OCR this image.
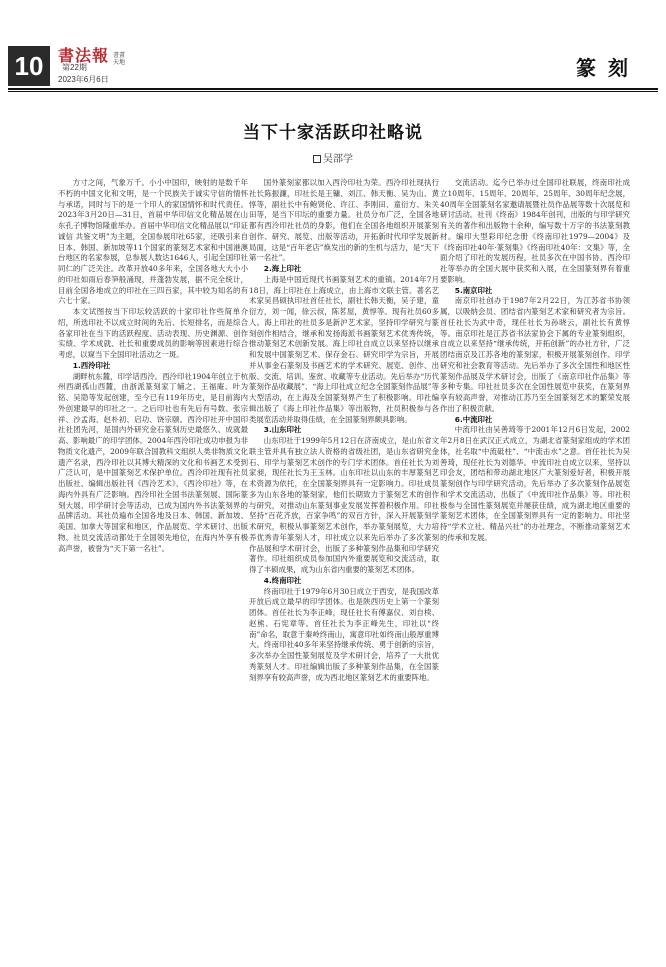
10 書法報 書畫天地
第22期
2023年6月6日	篆刻
当下十家活跃印社略说
吴部学

方寸之间，气象万千。小小中国印，映射的是数千年不朽的中国文化和文明，是一个民族关于诚实守信的情怀与承诺，同时与下的是一个印人的家国情怀和时代责任。2023年3月20日—31日，首届中华印信文化精品展在山东孔子博物馆隆重举办。首届中华印信文化精品展以“印证诚信 共鉴文明”为主题，全国参展印社65家，还吸引来自日本、韩国、新加坡等11个国家的篆刻艺术家和中国港澳台地区的名家参展，总参展人数达1646人，引起全国印社同仁的广泛关注。改革开放40多年来，全国各地大大小小的印社如雨后春笋般涌现，并蓬勃发展，据不完全统计，目前全国各地成立的印社在三四百家，其中较为知名的有六七十家。

本文试图按当下印坛较活跃的十家印社作些简单介绍，所选印社不以成立时间的先后、长短排名，而是综合各家印社在当下的活跃程度、活动表现、历史渊源、创作实绩、学术成就、社长和重要成员的影响等因素进行综合考虑，以窥当下全国印社活动之一斑。

1.西泠印社

湖畔杭东麓，印学话西泠。西泠印社1904年创立于杭州西湖孤山西麓，由浙派篆刻家丁辅之、王福庵、叶为铭、吴隐等发起创建，至今已有119年历史，是目前海内外创建最早的印社之一。之后印社也有先后有号数、张宗祥、沙孟海、赵朴初、启功、饶宗颐。西泠印社开中国印社社团先河，是国内外研究金石篆刻历史最悠久、成就最高、影响最广的印学团体。2004年西泠印社成功申报为非物质文化遗产，2009年联合国教科文组织人类非物质文化遗产名录，西泠印社以其博大精深的文化和书画艺术受到广泛认可，是中国篆刻艺术保护单位。西泠印社现有社员出版社、编辑出版社刊《西泠艺术》、《西泠印社》等，在海内外具有广泛影响。西泠印社全国书法篆刻展、国际篆刻大展、印学研讨会等活动，已成为国内外书法篆刻界的品牌活动。其社员遍布全国各地及日本、韩国、新加坡、美国、加拿大等国家和地区，作品展览、学术研讨、出版物、社员交流活动都处于全国领先地位，在海内外享有极高声誉，被誉为“天下第一名社”。

国外篆刻家都以加入西泠印社为荣。西泠印社现执行社长陈振濂，印社长是王镛、刘江、韩天衡、吴为山、黄惇等，副社长中有鲍贤伦、许江、李刚田、童衍方、朱关田等，是当下印坛的重要力量。社员分布广泛，全国各地都有西泠印社社员的身影，他们在全国各地组织开展篆刻创作、研究、展览、出版等活动，开拓新时代印学发展新局面，这是“百年老店”焕发出的新的生机与活力，是“天下第一名社”。

2.海上印社

上海是中国近现代书画篆刻艺术的重镇。2014年7月18日，海上印社在上海成立，由上海市文联主管。著名艺术家吴昌硕执印社首任社长，副社长韩天衡，吴子建，童衍方，刘一闻，徐云叔，陈茗屋，黄惇等。现有社员60多人。海上印社的社员多是新沪艺术家，坚持印学研究与篆刻创作相结合，继承和发扬海派书画篆刻艺术优秀传统，推动篆刻艺术创新发展。海上印社自成立以来坚持以继承和发展中国篆刻艺术、保存金石、研究印学为宗旨，开展并从事金石篆刻及书画艺术的学术研究、展览、创作、出版、交流、培训、鉴赏、收藏等专业活动。先后举办“历代篆刻作品收藏展”、“海上印社成立纪念全国篆刻作品展”等大型活动，在上海及全国篆刻界产生了积极影响。印社编辑出版了《海上印社作品集》等出版物，社员积极参与各类展览活动并取得佳绩，在全国篆刻界颇具影响。

3.山东印社

山东印社于1999年5月12日在济南成立，是山东省文联主管并具有独立法人资格的省级社团，是山东省研究金石、印学与篆刻艺术创作的专门学术团体。首任社长为刘家昶，现任社长为王玉林。山东印社以山东的丰厚篆刻艺术资源为依托，在全国篆刻界具有一定影响力。印社成员多为山东各地的篆刻家，他们长期致力于篆刻艺术的创作与研究，对推动山东篆刻事业发展发挥着积极作用。印社坚持“百花齐放，百家争鸣”的双百方针，深入开展篆刻学术研究，积极从事篆刻艺术创作，举办篆刻展览，大力培养优秀青年篆刻人才，印社成立以来先后举办了多次篆刻作品展和学术研讨会，出版了多种篆刻作品集和印学研究著作。印社组织成员参加国内外重要展览和交流活动，取得了丰硕成果，成为山东省内重要的篆刻艺术团体。

4.终南印社

终南印社于1979年6月30日成立于西安，是我国改革开放后成立最早的印学团体。也是陕西历史上第一个篆刻团体。首任社长为李正峰，现任社长有傅嘉仪、刘自椟、赵熊、石宪章等。首任社长为李正峰先生，印社以“终南”命名，取意于秦岭终南山，寓意印社如终南山般厚重博大。终南印社40多年来坚持继承传统、勇于创新的宗旨，多次举办全国性篆刻展览及学术研讨会，培养了一大批优秀篆刻人才。印社编辑出版了多种篆刻作品集，在全国篆刻界享有较高声誉，成为西北地区篆刻艺术的重要阵地。

交流活动。迄今已举办过全国印社联展，终南印社成立10周年、15周年、20周年、25周年、30周年纪念展，40周年全国篆刻名家邀请展暨社员作品展等数十次展览和研讨活动。社刊《终南》1984年创刊，出版的与印学研究有关的著作和出版物十余种，编写数十万字的书法篆刻教材。编印大型彩印纪念册《终南印社1979—2004》及《终南印社40年·篆刻集》《终南印社40年：文集》等，全面介绍了印社的发展历程，社员多次在中国书协、西泠印社等举办的全国大展中获奖和入展，在全国篆刻界有着重要影响。

5.南京印社

南京印社创办于1987年2月22日，为江苏省书协领属，以吸纳会员、团结省内篆刻艺术家和研究者为宗旨。首任社长为武中奇，现任社长为孙晓云，副社长有黄惇等。南京印社是江苏省书法家协会下属的专业篆刻组织，自成立以来坚持“继承传统，开拓创新”的办社方针，广泛团结南京及江苏各地的篆刻家，积极开展篆刻创作、印学研究和社会教育等活动。先后举办了多次全国性和地区性篆刻作品展及学术研讨会，出版了《南京印社作品集》等多种专集。印社社员多次在全国性展览中获奖，在篆刻界享有较高声誉，对推动江苏乃至全国篆刻艺术的繁荣发展作出了积极贡献。

6.中流印社

中流印社由吴善琦等于2001年12月6日发起，2002年2月8日在武汉正式成立，为湖北省篆刻家组成的学术团体，社名取“中流砥柱”、“中流击水”之意。首任社长为吴善琦，现任社长为刘德华。中流印社自成立以来，坚持以印会友，团结和带动湖北地区广大篆刻爱好者，积极开展篆刻创作与印学研究活动，先后举办了多次篆刻作品展览和学术交流活动，出版了《中流印社作品集》等。印社积极参与全国性篆刻展览并屡获佳绩，成为湖北地区重要的篆刻艺术团体，在全国篆刻界具有一定的影响力。印社坚持“学术立社、精品兴社”的办社理念，不断推动篆刻艺术的传承和发展。
